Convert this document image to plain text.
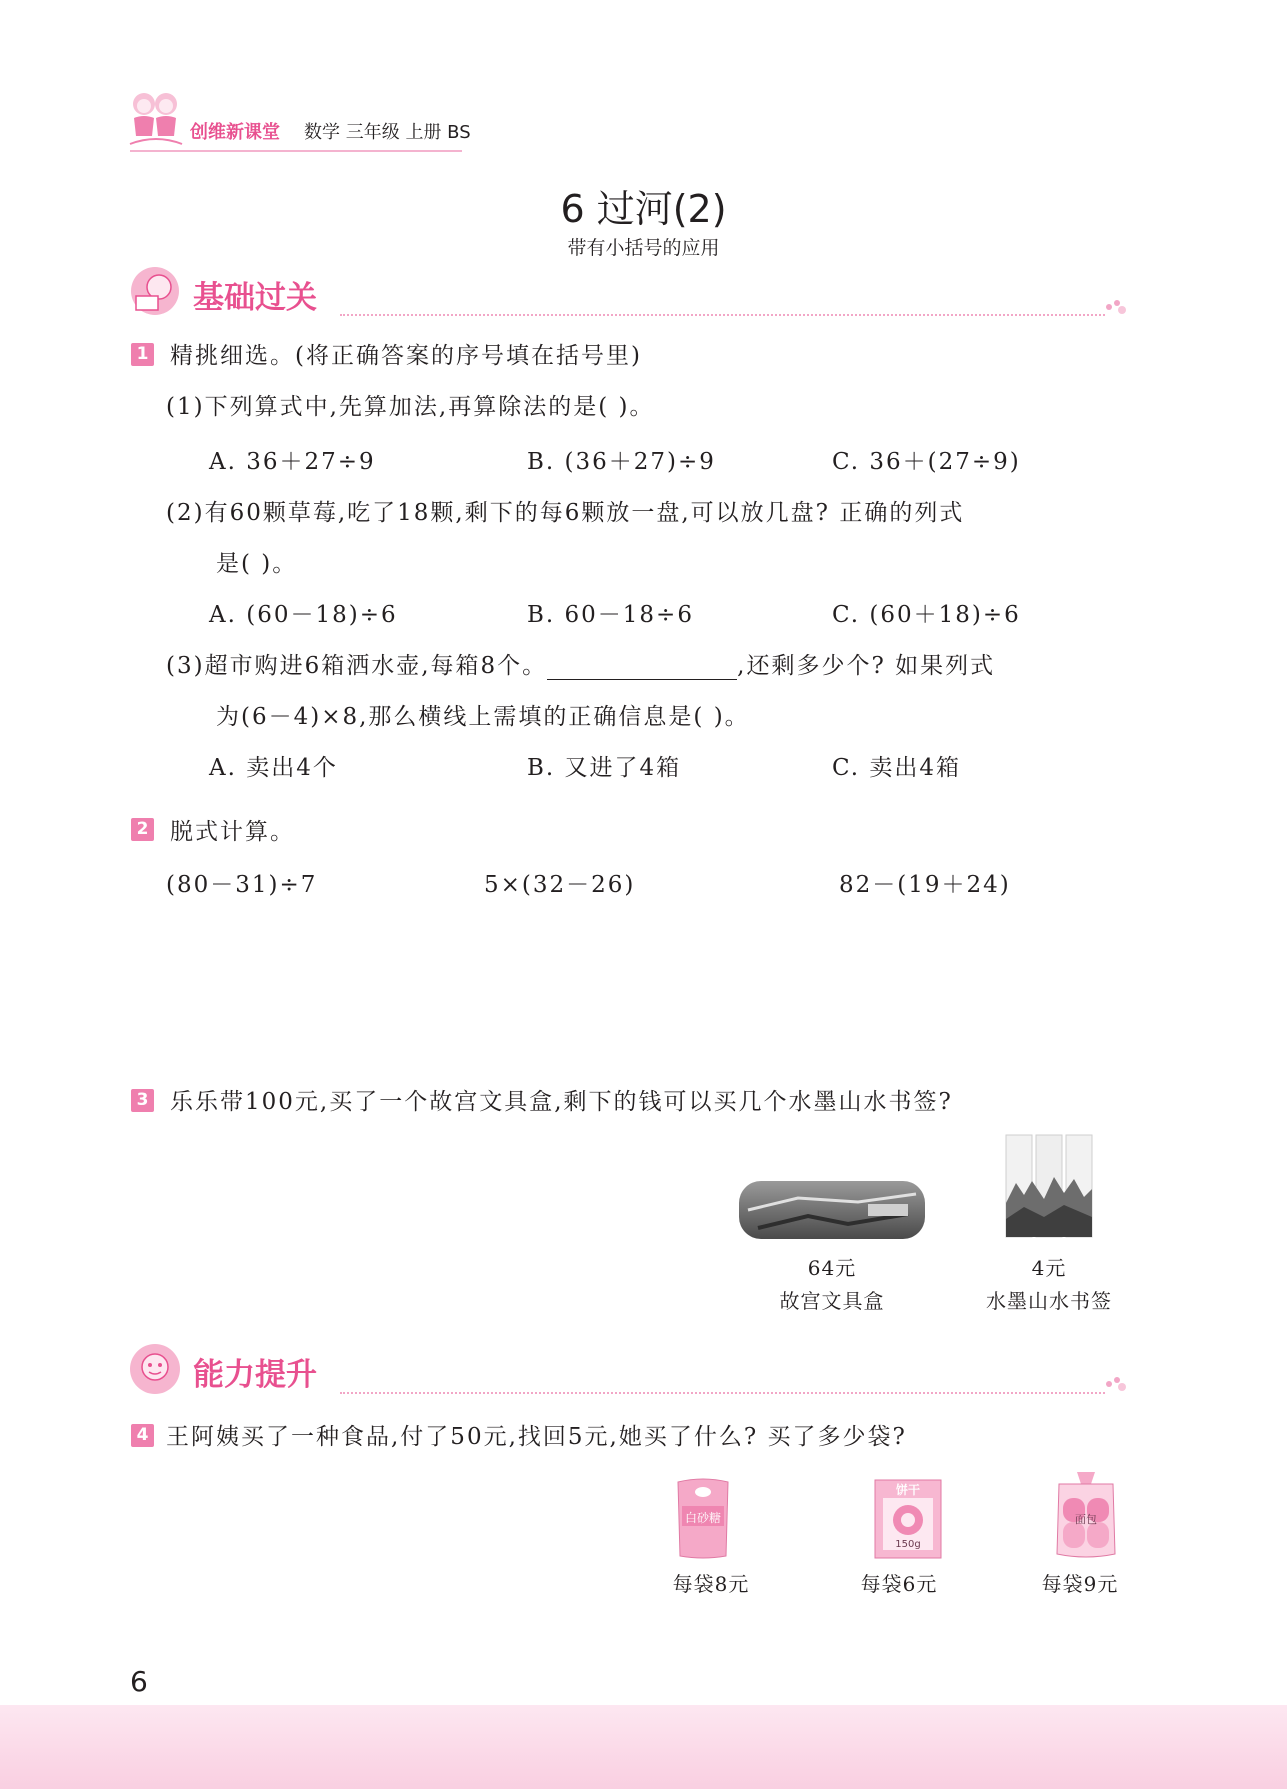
创维新课堂 数学 三年级 上册 BS
6 过河(2)
带有小括号的应用
基础过关
1 精挑细选。(将正确答案的序号填在括号里)
(1)下列算式中,先算加法,再算除法的是( )。
A. 36＋27÷9	B. (36＋27)÷9	C. 36＋(27÷9)
(2)有60颗草莓,吃了18颗,剩下的每6颗放一盘,可以放几盘? 正确的列式
是( )。
A. (60－18)÷6	B. 60－18÷6	C. (60＋18)÷6
(3)超市购进6箱洒水壶,每箱8个。	,还剩多少个? 如果列式
为(6－4)×8,那么横线上需填的正确信息是( )。
A. 卖出4个	B. 又进了4箱	C. 卖出4箱
2 脱式计算。
(80－31)÷7	5×(32－26)	82－(19＋24)
3 乐乐带100元,买了一个故宫文具盒,剩下的钱可以买几个水墨山水书签?
64元
故宫文具盒
4元
水墨山水书签
能力提升
4 王阿姨买了一种食品,付了50元,找回5元,她买了什么? 买了多少袋?
白砂糖
饼干
150g
面包
每袋8元	每袋6元	每袋9元
6
